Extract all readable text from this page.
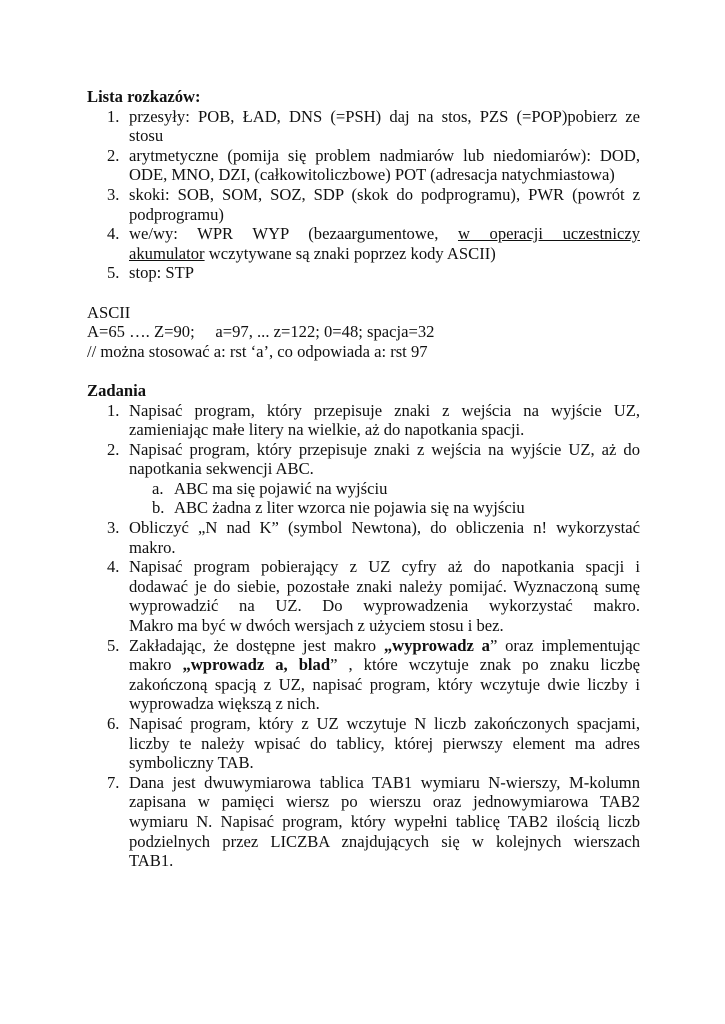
Lista rozkazów:
1. przesyły: POB, ŁAD, DNS (=PSH) daj na stos, PZS (=POP)pobierz ze
stosu
2. arytmetyczne (pomija się problem nadmiarów lub niedomiarów): DOD,
ODE, MNO, DZI, (całkowitoliczbowe) POT (adresacja natychmiastowa)
3. skoki: SOB, SOM, SOZ, SDP (skok do podprogramu), PWR (powrót z
podprogramu)
4. we/wy: WPR WYP (bezaargumentowe, w operacji uczestniczy
akumulator wczytywane są znaki poprzez kody ASCII)
5. stop: STP
ASCII
A=65 …. Z=90;     a=97, ... z=122; 0=48; spacja=32
// można stosować a: rst ‘a’, co odpowiada a: rst 97
Zadania
1. Napisać program, który przepisuje znaki z wejścia na wyjście UZ,
zamieniając małe litery na wielkie, aż do napotkania spacji.
2. Napisać program, który przepisuje znaki z wejścia na wyjście UZ, aż do
napotkania sekwencji ABC.
a. ABC ma się pojawić na wyjściu
b. ABC żadna z liter wzorca nie pojawia się na wyjściu
3. Obliczyć „N nad K” (symbol Newtona), do obliczenia n! wykorzystać
makro.
4. Napisać program pobierający z UZ cyfry aż do napotkania spacji i
dodawać je do siebie, pozostałe znaki należy pomijać. Wyznaczoną sumę
wyprowadzić na UZ. Do wyprowadzenia wykorzystać makro.
Makro ma być w dwóch wersjach z użyciem stosu i bez.
5. Zakładając, że dostępne jest makro „wyprowadz a” oraz implementując
makro „wprowadz a, blad” , które wczytuje znak po znaku liczbę
zakończoną spacją z UZ, napisać program, który wczytuje dwie liczby i
wyprowadza większą z nich.
6. Napisać program, który z UZ wczytuje N liczb zakończonych spacjami,
liczby te należy wpisać do tablicy, której pierwszy element ma adres
symboliczny TAB.
7. Dana jest dwuwymiarowa tablica TAB1 wymiaru N-wierszy, M-kolumn
zapisana w pamięci wiersz po wierszu oraz jednowymiarowa TAB2
wymiaru N. Napisać program, który wypełni tablicę TAB2 ilością liczb
podzielnych przez LICZBA znajdujących się w kolejnych wierszach
TAB1.
